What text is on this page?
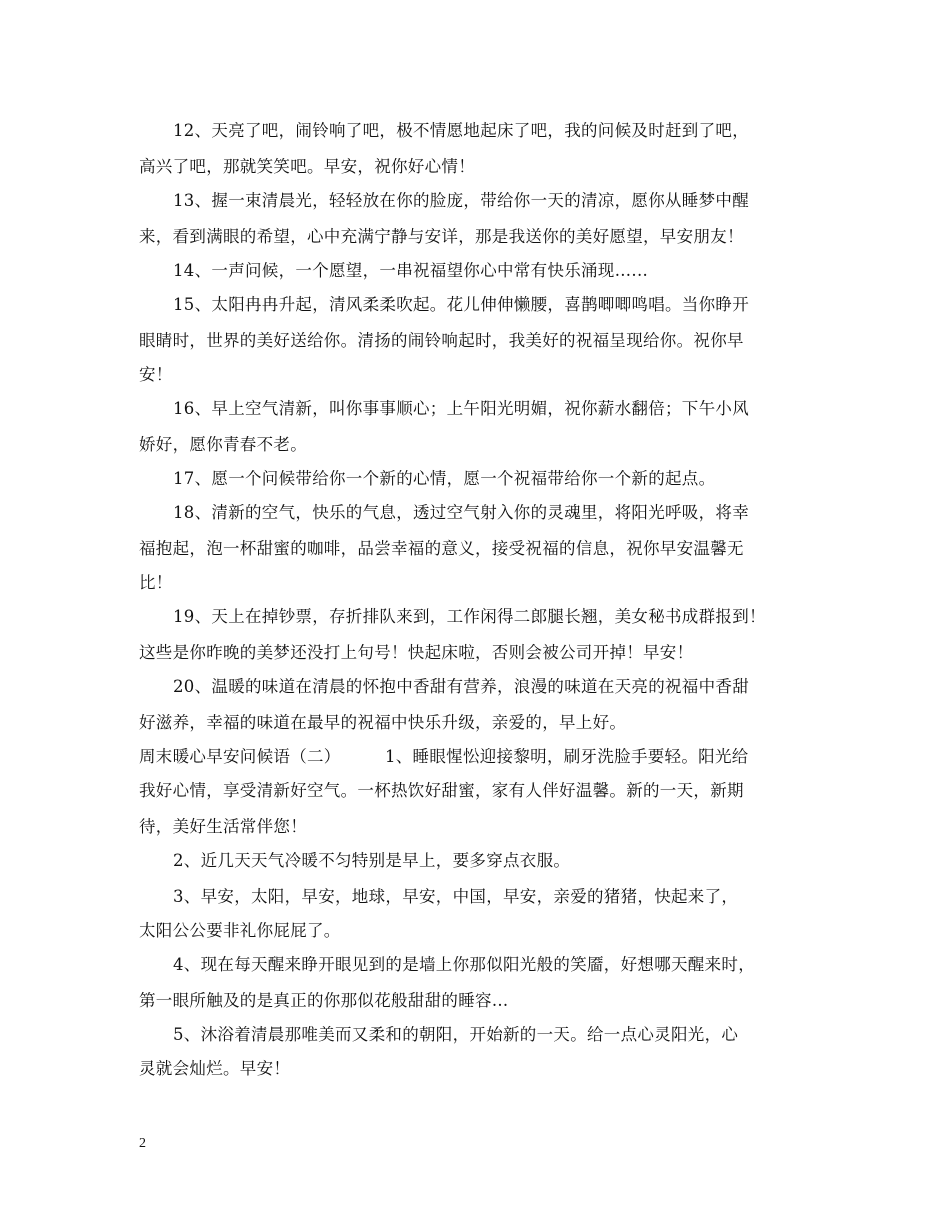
12、天亮了吧，闹铃响了吧，极不情愿地起床了吧，我的问候及时赶到了吧，
高兴了吧，那就笑笑吧。早安，祝你好心情！
13、握一束清晨光，轻轻放在你的脸庞，带给你一天的清凉，愿你从睡梦中醒
来，看到满眼的希望，心中充满宁静与安详，那是我送你的美好愿望，早安朋友！
14、一声问候，一个愿望，一串祝福望你心中常有快乐涌现…...
15、太阳冉冉升起，清风柔柔吹起。花儿伸伸懒腰，喜鹊唧唧鸣唱。当你睁开
眼睛时，世界的美好送给你。清扬的闹铃响起时，我美好的祝福呈现给你。祝你早
安！
16、早上空气清新，叫你事事顺心；上午阳光明媚，祝你薪水翻倍；下午小风
娇好，愿你青春不老。
17、愿一个问候带给你一个新的心情，愿一个祝福带给你一个新的起点。
18、清新的空气，快乐的气息，透过空气射入你的灵魂里，将阳光呼吸，将幸
福抱起，泡一杯甜蜜的咖啡，品尝幸福的意义，接受祝福的信息，祝你早安温馨无
比！
19、天上在掉钞票，存折排队来到，工作闲得二郎腿长翘，美女秘书成群报到！
这些是你昨晚的美梦还没打上句号！快起床啦，否则会被公司开掉！早安！
20、温暖的味道在清晨的怀抱中香甜有营养，浪漫的味道在天亮的祝福中香甜
好滋养，幸福的味道在最早的祝福中快乐升级，亲爱的，早上好。
周末暖心早安问候语（二）        1、睡眼惺忪迎接黎明，刷牙洗脸手要轻。阳光给
我好心情，享受清新好空气。一杯热饮好甜蜜，家有人伴好温馨。新的一天，新期
待，美好生活常伴您！
2、近几天天气冷暖不匀特别是早上，要多穿点衣服。
3、早安，太阳，早安，地球，早安，中国，早安，亲爱的猪猪，快起来了，
太阳公公要非礼你屁屁了。
4、现在每天醒来睁开眼见到的是墙上你那似阳光般的笑靥，好想哪天醒来时，
第一眼所触及的是真正的你那似花般甜甜的睡容…
5、沐浴着清晨那唯美而又柔和的朝阳，开始新的一天。给一点心灵阳光，心
灵就会灿烂。早安！
2
